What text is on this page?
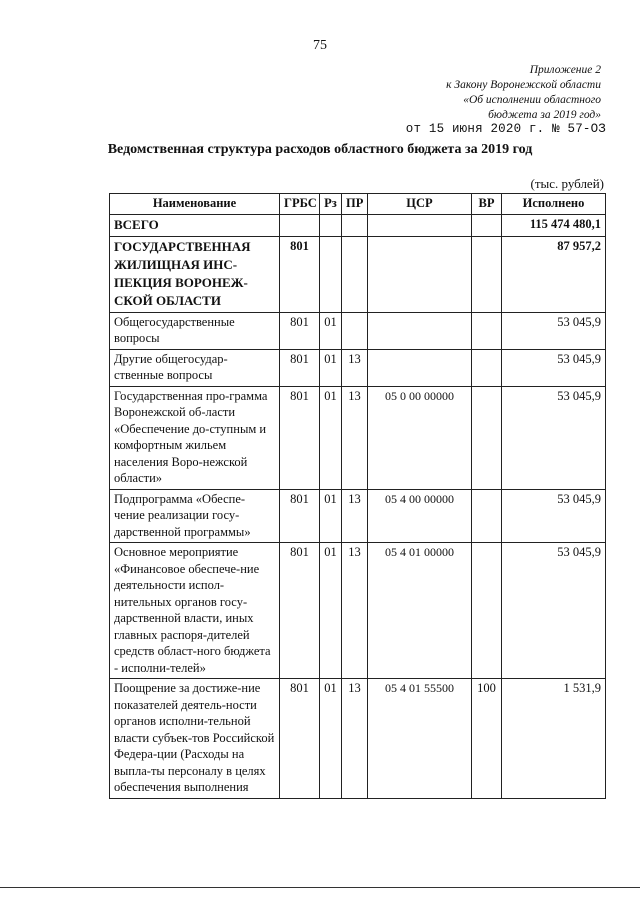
75
Приложение 2
к Закону Воронежской области
«Об исполнении областного
бюджета за 2019 год»
от 15 июня 2020 г. № 57-ОЗ
Ведомственная структура расходов областного бюджета за 2019 год
(тыс. рублей)
Наименование	ГРБС	Рз	ПР	ЦСР	ВР	Исполнено
ВСЕГО						115 474 480,1
ГОСУДАРСТВЕННАЯ ЖИЛИЩНАЯ ИНС-ПЕКЦИЯ ВОРОНЕЖ-СКОЙ ОБЛАСТИ	801					87 957,2
Общегосударственные вопросы	801	01				53 045,9
Другие общегосудар-ственные вопросы	801	01	13			53 045,9
Государственная про-грамма Воронежской об-ласти «Обеспечение до-ступным и комфортным жильем населения Воро-нежской области»	801	01	13	05 0 00 00000		53 045,9
Подпрограмма «Обеспе-чение реализации госу-дарственной программы»	801	01	13	05 4 00 00000		53 045,9
Основное мероприятие «Финансовое обеспече-ние деятельности испол-нительных органов госу-дарственной власти, иных главных распоря-дителей средств област-ного бюджета - исполни-телей»	801	01	13	05 4 01 00000		53 045,9
Поощрение за достиже-ние показателей деятель-ности органов исполни-тельной власти субъек-тов Российской Федера-ции (Расходы на выпла-ты персоналу в целях обеспечения выполнения	801	01	13	05 4 01 55500	100	1 531,9
